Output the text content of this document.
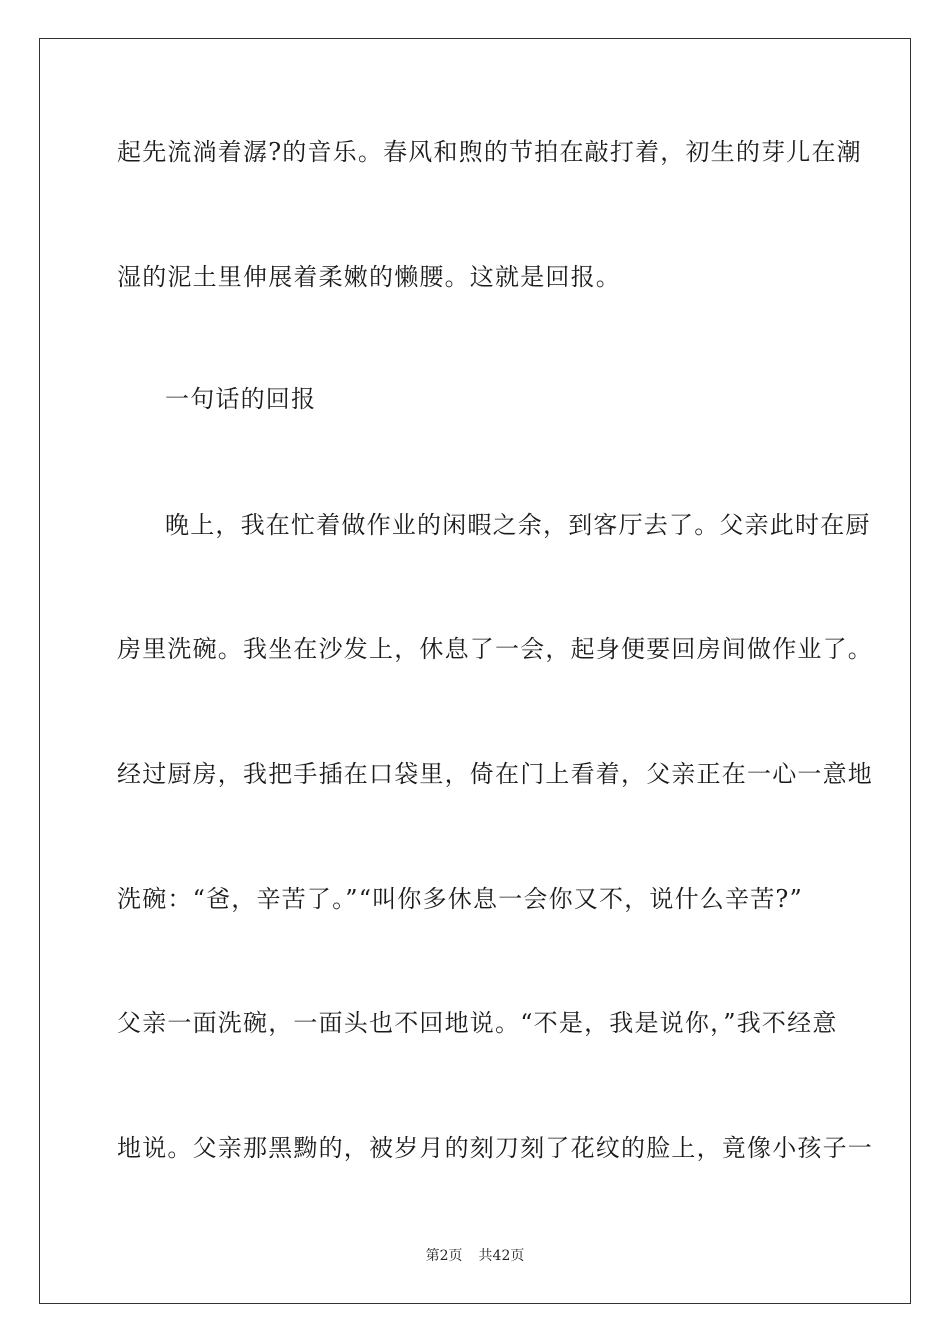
起先流淌着潺?的音乐。春风和煦的节拍在敲打着，初生的芽儿在潮
湿的泥土里伸展着柔嫩的懒腰。这就是回报。
一句话的回报
晚上，我在忙着做作业的闲暇之余，到客厅去了。父亲此时在厨
房里洗碗。我坐在沙发上，休息了一会，起身便要回房间做作业了。
经过厨房，我把手插在口袋里，倚在门上看着，父亲正在一心一意地
洗碗：“爸，辛苦了。”“叫你多休息一会你又不，说什么辛苦?”
父亲一面洗碗，一面头也不回地说。“不是，我是说你，”我不经意
地说。父亲那黑黝的，被岁月的刻刀刻了花纹的脸上，竟像小孩子一
第2页 共42页
